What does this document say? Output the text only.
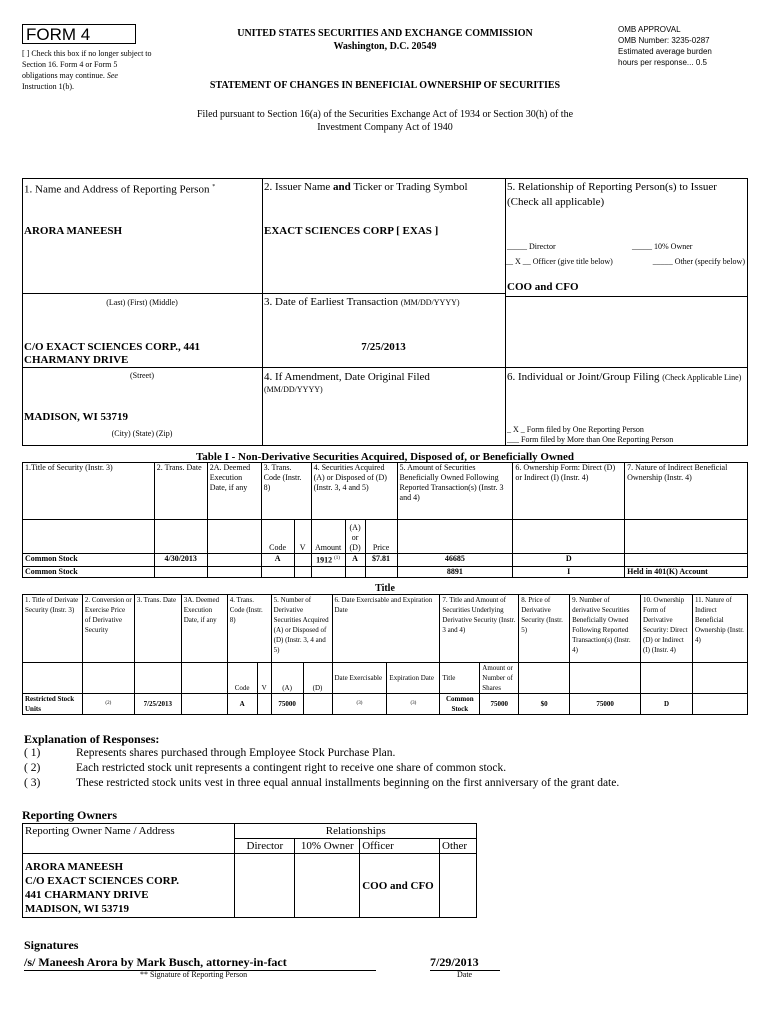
FORM 4
[ ] Check this box if no longer subject to Section 16. Form 4 or Form 5 obligations may continue. See Instruction 1(b).
UNITED STATES SECURITIES AND EXCHANGE COMMISSION
Washington, D.C. 20549
STATEMENT OF CHANGES IN BENEFICIAL OWNERSHIP OF SECURITIES
OMB APPROVAL
OMB Number: 3235-0287
Estimated average burden
hours per response... 0.5
Filed pursuant to Section 16(a) of the Securities Exchange Act of 1934 or Section 30(h) of the
Investment Company Act of 1940
1. Name and Address of Reporting Person *
ARORA MANEESH
(Last) (First) (Middle)
C/O EXACT SCIENCES CORP., 441 CHARMANY DRIVE
(Street)
MADISON, WI 53719
(City) (State) (Zip)
2. Issuer Name and Ticker or Trading Symbol
EXACT SCIENCES CORP [ EXAS ]
3. Date of Earliest Transaction (MM/DD/YYYY)
7/25/2013
4. If Amendment, Date Original Filed
(MM/DD/YYYY)
5. Relationship of Reporting Person(s) to Issuer
(Check all applicable)
_____ Director	_____ 10% Owner
__ X __ Officer (give title below)	_____ Other (specify below)
COO and CFO
6. Individual or Joint/Group Filing (Check Applicable Line)
_ X _ Form filed by One Reporting Person
___ Form filed by More than One Reporting Person
Table I - Non-Derivative Securities Acquired, Disposed of, or Beneficially Owned
1.Title of Security (Instr. 3)	2. Trans. Date	2A. Deemed Execution Date, if any	3. Trans. Code (Instr. 8)		4. Securities Acquired (A) or Disposed of (D) (Instr. 3, 4 and 5)			5. Amount of Securities Beneficially Owned Following Reported Transaction(s) (Instr. 3 and 4)	6. Ownership Form: Direct (D) or Indirect (I) (Instr. 4)	7. Nature of Indirect Beneficial Ownership (Instr. 4)
			Code	V	Amount	(A) or (D)	Price			
Common Stock	4/30/2013		A		1912 $^{(1)}$	A	$7.81	46685	D	
Common Stock								8891	I	Held in 401(K) Account
Title
1. Title of Derivate Security (Instr. 3)	2. Conversion or Exercise Price of Derivative Security	3. Trans. Date	3A. Deemed Execution Date, if any	4. Trans. Code (Instr. 8)		5. Number of Derivative Securities Acquired (A) or Disposed of (D) (Instr. 3, 4 and 5)		6. Date Exercisable and Expiration Date		7. Title and Amount of Securities Underlying Derivative Security (Instr. 3 and 4)		8. Price of Derivative Security (Instr. 5)	9. Number of derivative Securities Beneficially Owned Following Reported Transaction(s) (Instr. 4)	10. Ownership Form of Derivative Security: Direct (D) or Indirect (I) (Instr. 4)	11. Nature of Indirect Beneficial Ownership (Instr. 4)
				Code	V	(A)	(D)	Date Exercisable	Expiration Date	Title	Amount or Number of Shares				
Restricted Stock Units	(2)	7/25/2013		A		75000		(3)	(3)	Common Stock	75000	$0	75000	D	
Explanation of Responses:
( 1)	Represents shares purchased through Employee Stock Purchase Plan.
( 2)	Each restricted stock unit represents a contingent right to receive one share of common stock.
( 3)	These restricted stock units vest in three equal annual installments beginning on the first anniversary of the grant date.
Reporting Owners
Reporting Owner Name / Address	Relationships			
	Director	10% Owner	Officer	Other

ARORA MANEESH
C/O EXACT SCIENCES CORP.
441 CHARMANY DRIVE
MADISON, WI 53719			COO and CFO	
Signatures
/s/ Maneesh Arora by Mark Busch, attorney-in-fact
** Signature of Reporting Person
7/29/2013
Date
